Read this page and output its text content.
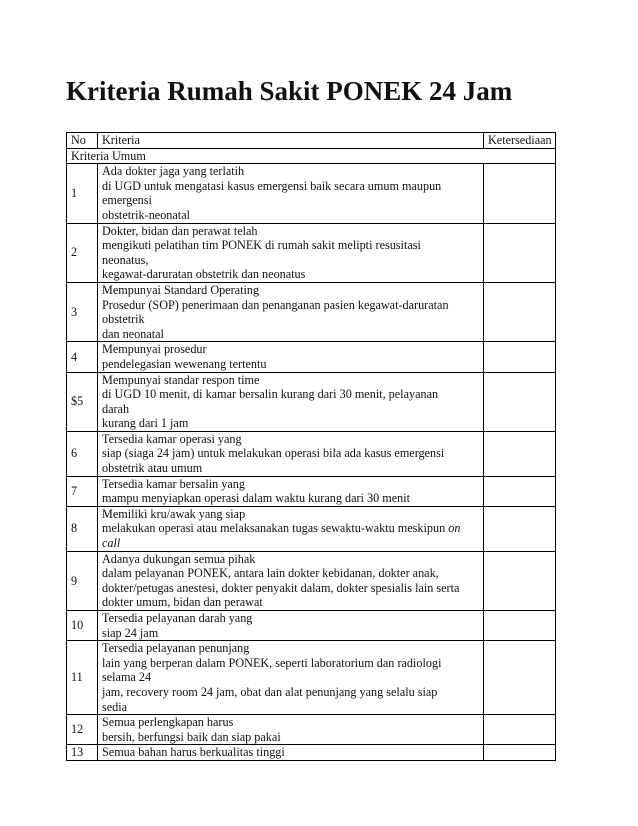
Kriteria Rumah Sakit PONEK 24 Jam
No	Kriteria	Ketersediaan
Kriteria Umum		
1	Ada dokter jaga yang terlatih
di UGD untuk mengatasi kasus emergensi baik secara umum maupun
emergensi
obstetrik-neonatal	

2	Dokter, bidan dan perawat telah
mengikuti pelatihan tim PONEK di rumah sakit melipti resusitasi
neonatus,
kegawat-daruratan obstetrik dan neonatus	

3	Mempunyai Standard Operating
Prosedur (SOP) penerimaan dan penanganan pasien kegawat-daruratan
obstetrik
dan neonatal	

4	Mempunyai prosedur
pendelegasian wewenang tertentu	

$5	Mempunyai standar respon time
di UGD 10 menit, di kamar bersalin kurang dari 30 menit, pelayanan
darah
kurang dari 1 jam	

6	Tersedia kamar operasi yang
siap (siaga 24 jam) untuk melakukan operasi bila ada kasus emergensi
obstetrik atau umum	

7	Tersedia kamar bersalin yang
mampu menyiapkan operasi dalam waktu kurang dari 30 menit	

8	Memiliki kru/awak yang siap
melakukan operasi atau melaksanakan tugas sewaktu-waktu meskipun on call	

9	Adanya dukungan semua pihak
dalam pelayanan PONEK, antara lain dokter kebidanan, dokter anak,
dokter/petugas anestesi, dokter penyakit dalam, dokter spesialis lain serta
dokter umum, bidan dan perawat	

10	Tersedia pelayanan darah yang
siap 24 jam	

11	Tersedia pelayanan penunjang
lain yang berperan dalam PONEK, seperti laboratorium dan radiologi
selama 24
jam, recovery room 24 jam, obat dan alat penunjang yang selalu siap
sedia	

12	Semua perlengkapan harus
bersih, berfungsi baik dan siap pakai	

13	Semua bahan harus berkualitas tinggi	
